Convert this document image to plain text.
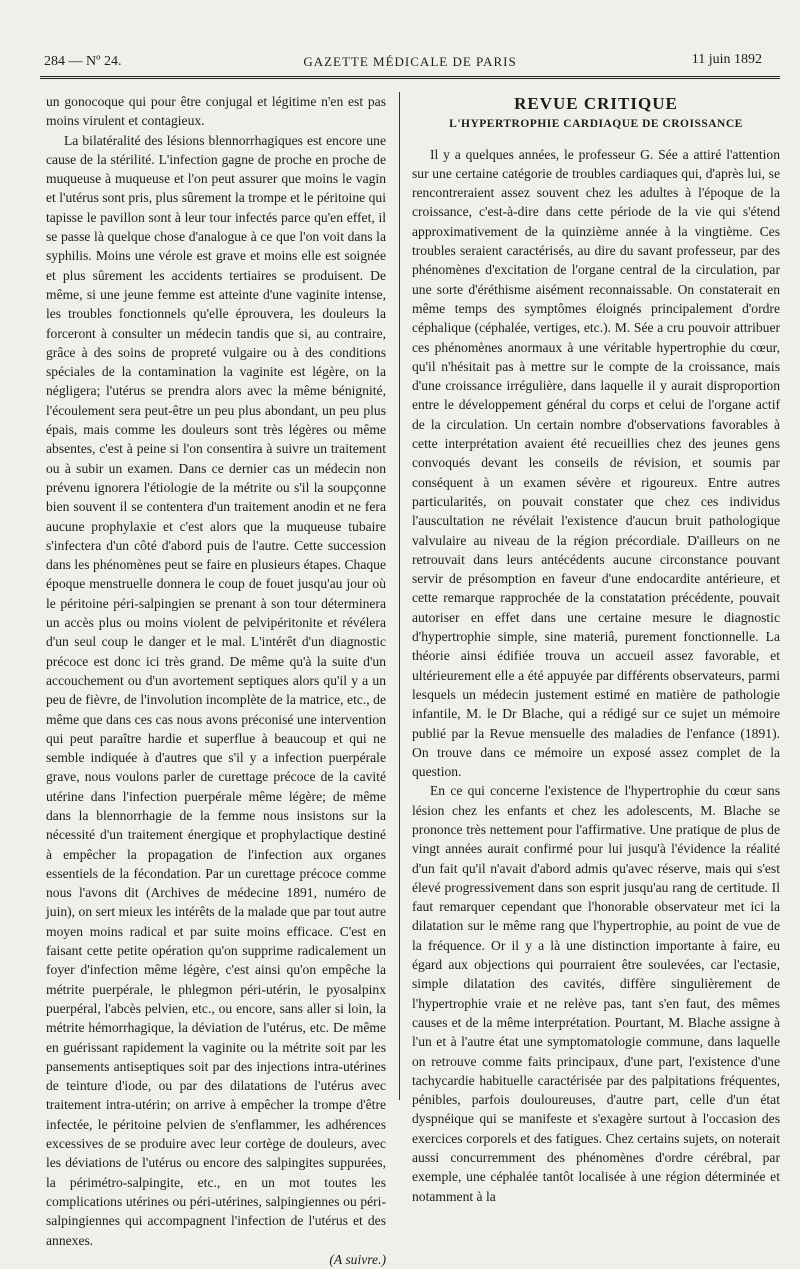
284 — Nº 24.	GAZETTE MÉDICALE DE PARIS	11 juin 1892

un gonocoque qui pour être conjugal et légitime n'en est pas moins virulent et contagieux.

La bilatéralité des lésions blennorrhagiques est encore une cause de la stérilité. L'infection gagne de proche en proche de muqueuse à muqueuse et l'on peut assurer que moins le vagin et l'utérus sont pris, plus sûrement la trompe et le péritoine qui tapisse le pavillon sont à leur tour infectés parce qu'en effet, il se passe là quelque chose d'analogue à ce que l'on voit dans la syphilis. Moins une vérole est grave et moins elle est soignée et plus sûrement les accidents tertiaires se produisent. De même, si une jeune femme est atteinte d'une vaginite intense, les troubles fonctionnels qu'elle éprouvera, les douleurs la forceront à consulter un médecin tandis que si, au contraire, grâce à des soins de propreté vulgaire ou à des conditions spéciales de la contamination la vaginite est légère, on la négligera; l'utérus se prendra alors avec la même bénignité, l'écoulement sera peut-être un peu plus abondant, un peu plus épais, mais comme les douleurs sont très légères ou même absentes, c'est à peine si l'on consentira à suivre un traitement ou à subir un examen. Dans ce dernier cas un médecin non prévenu ignorera l'étiologie de la métrite ou s'il la soupçonne bien souvent il se contentera d'un traitement anodin et ne fera aucune prophylaxie et c'est alors que la muqueuse tubaire s'infectera d'un côté d'abord puis de l'autre. Cette succession dans les phénomènes peut se faire en plusieurs étapes. Chaque époque menstruelle donnera le coup de fouet jusqu'au jour où le péritoine péri-salpingien se prenant à son tour déterminera un accès plus ou moins violent de pelvipéritonite et révélera d'un seul coup le danger et le mal. L'intérêt d'un diagnostic précoce est donc ici très grand. De même qu'à la suite d'un accouchement ou d'un avortement septiques alors qu'il y a un peu de fièvre, de l'involution incomplète de la matrice, etc., de même que dans ces cas nous avons préconisé une intervention qui peut paraître hardie et superflue à beaucoup et qui ne semble indiquée à d'autres que s'il y a infection puerpérale grave, nous voulons parler de curettage précoce de la cavité utérine dans l'infection puerpérale même légère; de même dans la blennorrhagie de la femme nous insistons sur la nécessité d'un traitement énergique et prophylactique destiné à empêcher la propagation de l'infection aux organes essentiels de la fécondation. Par un curettage précoce comme nous l'avons dit (Archives de médecine 1891, numéro de juin), on sert mieux les intérêts de la malade que par tout autre moyen moins radical et par suite moins efficace. C'est en faisant cette petite opération qu'on supprime radicalement un foyer d'infection même légère, c'est ainsi qu'on empêche la métrite puerpérale, le phlegmon péri-utérin, le pyosalpinx puerpéral, l'abcès pelvien, etc., ou encore, sans aller si loin, la métrite hémorrhagique, la déviation de l'utérus, etc. De même en guérissant rapidement la vaginite ou la métrite soit par les pansements antiseptiques soit par des injections intra-utérines de teinture d'iode, ou par des dilatations de l'utérus avec traitement intra-utérin; on arrive à empêcher la trompe d'être infectée, le péritoine pelvien de s'enflammer, les adhérences excessives de se produire avec leur cortège de douleurs, avec les déviations de l'utérus ou encore des salpingites suppurées, la périmétro-salpingite, etc., en un mot toutes les complications utérines ou péri-utérines, salpingiennes ou péri-salpingiennes qui accompagnent l'infection de l'utérus et des annexes.

(A suivre.)

REVUE CRITIQUE
L'HYPERTROPHIE CARDIAQUE DE CROISSANCE

Il y a quelques années, le professeur G. Sée a attiré l'attention sur une certaine catégorie de troubles cardiaques qui, d'après lui, se rencontreraient assez souvent chez les adultes à l'époque de la croissance, c'est-à-dire dans cette période de la vie qui s'étend approximativement de la quinzième année à la vingtième. Ces troubles seraient caractérisés, au dire du savant professeur, par des phénomènes d'excitation de l'organe central de la circulation, par une sorte d'éréthisme aisément reconnaissable. On constaterait en même temps des symptômes éloignés principalement d'ordre céphalique (céphalée, vertiges, etc.). M. Sée a cru pouvoir attribuer ces phénomènes anormaux à une véritable hypertrophie du cœur, qu'il n'hésitait pas à mettre sur le compte de la croissance, mais d'une croissance irrégulière, dans laquelle il y aurait disproportion entre le développement général du corps et celui de l'organe actif de la circulation. Un certain nombre d'observations favorables à cette interprétation avaient été recueillies chez des jeunes gens convoqués devant les conseils de révision, et soumis par conséquent à un examen sévère et rigoureux. Entre autres particularités, on pouvait constater que chez ces individus l'auscultation ne révélait l'existence d'aucun bruit pathologique valvulaire au niveau de la région précordiale. D'ailleurs on ne retrouvait dans leurs antécédents aucune circonstance pouvant servir de présomption en faveur d'une endocardite antérieure, et cette remarque rapprochée de la constatation précédente, pouvait autoriser en effet dans une certaine mesure le diagnostic d'hypertrophie simple, sine materiâ, purement fonctionnelle. La théorie ainsi édifiée trouva un accueil assez favorable, et ultérieurement elle a été appuyée par différents observateurs, parmi lesquels un médecin justement estimé en matière de pathologie infantile, M. le Dr Blache, qui a rédigé sur ce sujet un mémoire publié par la Revue mensuelle des maladies de l'enfance (1891). On trouve dans ce mémoire un exposé assez complet de la question.

En ce qui concerne l'existence de l'hypertrophie du cœur sans lésion chez les enfants et chez les adolescents, M. Blache se prononce très nettement pour l'affirmative. Une pratique de plus de vingt années aurait confirmé pour lui jusqu'à l'évidence la réalité d'un fait qu'il n'avait d'abord admis qu'avec réserve, mais qui s'est élevé progressivement dans son esprit jusqu'au rang de certitude. Il faut remarquer cependant que l'honorable observateur met ici la dilatation sur le même rang que l'hypertrophie, au point de vue de la fréquence. Or il y a là une distinction importante à faire, eu égard aux objections qui pourraient être soulevées, car l'ectasie, simple dilatation des cavités, diffère singulièrement de l'hypertrophie vraie et ne relève pas, tant s'en faut, des mêmes causes et de la même interprétation. Pourtant, M. Blache assigne à l'un et à l'autre état une symptomatologie commune, dans laquelle on retrouve comme faits principaux, d'une part, l'existence d'une tachycardie habituelle caractérisée par des palpitations fréquentes, pénibles, parfois douloureuses, d'autre part, celle d'un état dyspnéique qui se manifeste et s'exagère surtout à l'occasion des exercices corporels et des fatigues. Chez certains sujets, on noterait aussi concurremment des phénomènes d'ordre cérébral, par exemple, une céphalée tantôt localisée à une région déterminée et notamment à la
